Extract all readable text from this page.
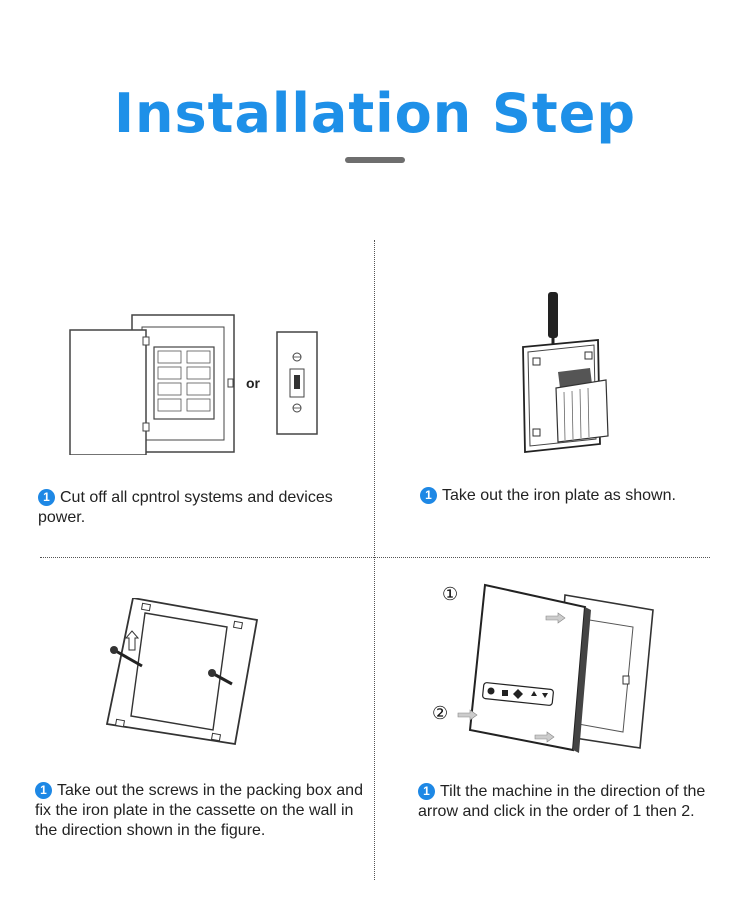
Installation Step
or
1 Cut off all cpntrol systems and devices power.
1 Take out the iron plate as shown.
1 Take out the screws in the packing box and fix the iron plate in the cassette on the wall in the direction shown in the figure.
①
②
1 Tilt the machine in the direction of the arrow and click in the order of 1 then 2.
